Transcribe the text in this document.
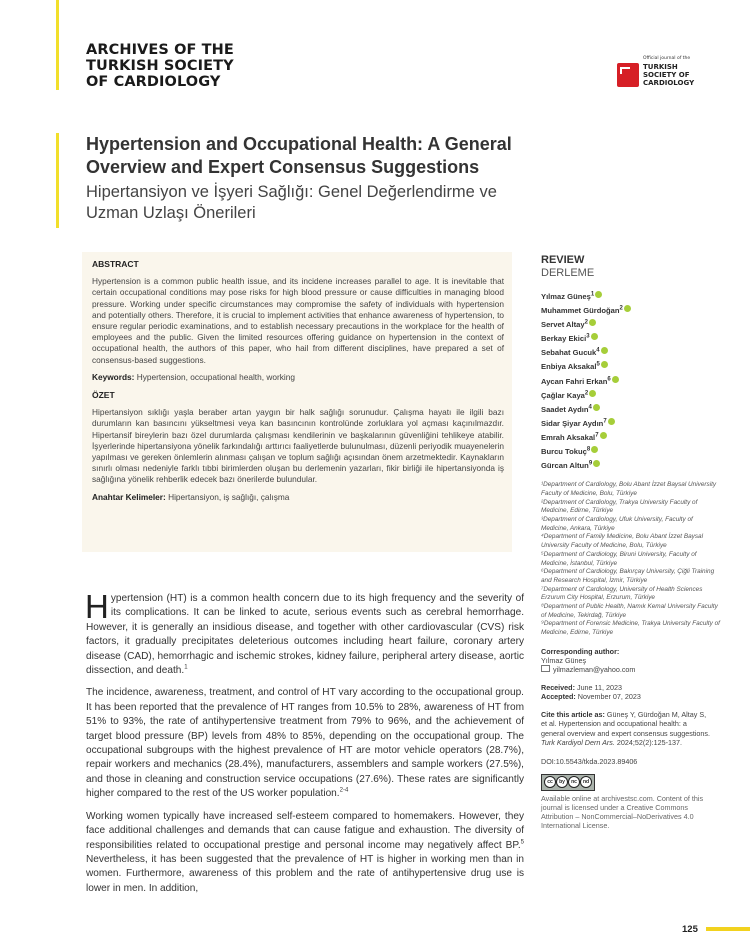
ARCHIVES OF THE
TURKISH SOCIETY
OF CARDIOLOGY
Official journal of the
TURKISH
SOCIETY OF
CARDIOLOGY
Hypertension and Occupational Health: A General
Overview and Expert Consensus Suggestions
Hipertansiyon ve İşyeri Sağlığı: Genel Değerlendirme ve
Uzman Uzlaşı Önerileri
ABSTRACT

Hypertension is a common public health issue, and its incidene increases parallel to age. It is inevitable that certain occupational conditions may pose risks for high blood pressure or cause difficulties in managing blood pressure. Working under specific circumstances may compromise the safety of individuals with hypertension and potentially others. Therefore, it is crucial to implement activities that enhance awareness of hypertension, to ensure regular periodic examinations, and to establish necessary precautions in the workplace for the health of employees and the public. Given the limited resources offering guidance on hypertension in the context of occupational health, the authors of this paper, who hail from different disciplines, have prepared a set of consensus-based suggestions.

Keywords: Hypertension, occupational health, working
ÖZET

Hipertansiyon sıklığı yaşla beraber artan yaygın bir halk sağlığı sorunudur. Çalışma hayatı ile ilgili bazı durumların kan basıncını yükseltmesi veya kan basıncının kontrolünde zorluklara yol açması kaçınılmazdır. Hipertansif bireylerin bazı özel durumlarda çalışması kendilerinin ve başkalarının güvenliğini tehlikeye atabilir. İşyerlerinde hipertansiyona yönelik farkındalığı arttırıcı faaliyetlerde bulunulması, düzenli periyodik muayenelerin yapılması ve gereken önlemlerin alınması çalışan ve toplum sağlığı açısından önem arzetmektedir. Kaynakların sınırlı olması nedeniyle farklı tıbbi birimlerden oluşan bu derlemenin yazarları, fikir birliği ile hipertansiyonda iş sağlığına yönelik rehberlik edecek bazı önerilerde bulundular.

Anahtar Kelimeler: Hipertansiyon, iş sağlığı, çalışma

Hypertension (HT) is a common health concern due to its high frequency and the severity of its complications. It can be linked to acute, serious events such as cerebral hemorrhage. However, it is generally an insidious disease, and together with other cardiovascular (CVS) risk factors, it gradually precipitates deleterious outcomes including heart failure, coronary artery disease (CAD), hemorrhagic and ischemic strokes, kidney failure, peripheral artery disease, aortic dissection, and death.$^1$

The incidence, awareness, treatment, and control of HT vary according to the occupational group. It has been reported that the prevalence of HT ranges from 10.5% to 28%, awareness of HT from 51% to 93%, the rate of antihypertensive treatment from 79% to 96%, and the achievement of target blood pressure (BP) levels from 48% to 85%, depending on the occupational group. The occupational subgroups with the highest prevalence of HT are motor vehicle operators (28.7%), repair workers and mechanics (28.4%), manufacturers, assemblers and sample workers (27.5%), and those in cleaning and construction service occupations (27.6%). These rates are significantly higher compared to the rest of the US worker population.$^{2-4}$

Working women typically have increased self-esteem compared to homemakers. However, they face additional challenges and demands that can cause fatigue and exhaustion. The diversity of responsibilities related to occupational prestige and personal income may negatively affect BP.$^5$ Nevertheless, it has been suggested that the prevalence of HT is higher in working men than in women. Furthermore, awareness of this problem and the rate of antihypertensive drug use is lower in men. In addition,

REVIEW
DERLEME
Yılmaz Güneş$^1$
Muhammet Gürdoğan$^2$
Servet Altay$^2$
Berkay Ekici$^3$
Sebahat Gucuk$^4$
Enbiya Aksakal$^5$
Aycan Fahri Erkan$^6$
Çağlar Kaya$^2$
Saadet Aydın$^4$
Sidar Şiyar Aydın$^7$
Emrah Aksakal$^7$
Burcu Tokuç$^8$
Gürcan Altun$^9$
¹Department of Cardiology, Bolu Abant İzzet Baysal University Faculty of Medicine, Bolu, Türkiye
²Department of Cardiology, Trakya University Faculty of Medicine, Edirne, Türkiye
³Department of Cardiology, Ufuk University, Faculty of Medicine, Ankara, Türkiye
⁴Department of Family Medicine, Bolu Abant İzzet Baysal University Faculty of Medicine, Bolu, Türkiye
⁵Department of Cardiology, Biruni University, Faculty of Medicine, İstanbul, Türkiye
⁶Department of Cardiology, Bakırçay University, Çiğli Training and Research Hospital, İzmir, Türkiye
⁷Department of Cardiology, University of Health Sciences Erzurum City Hospital, Erzurum, Türkiye
⁸Department of Public Health, Namık Kemal University Faculty of Medicine, Tekirdağ, Türkiye
⁹Department of Forensic Medicine, Trakya University Faculty of Medicine, Edirne, Türkiye
Corresponding author:
Yılmaz Güneş
yilmazleman@yahoo.com
Received: June 11, 2023
Accepted: November 07, 2023
Cite this article as: Güneş Y, Gürdoğan M, Altay S, et al. Hypertension and occupational health: a general overview and expert consensus suggestions. Turk Kardiyol Dern Ars. 2024;52(2):125-137.
DOI:10.5543/tkda.2023.89406
cc	by	nc	nd
Available online at archivestsc.com. Content of this journal is licensed under a Creative Commons Attribution – NonCommercial–NoDerivatives 4.0 International License.
125
